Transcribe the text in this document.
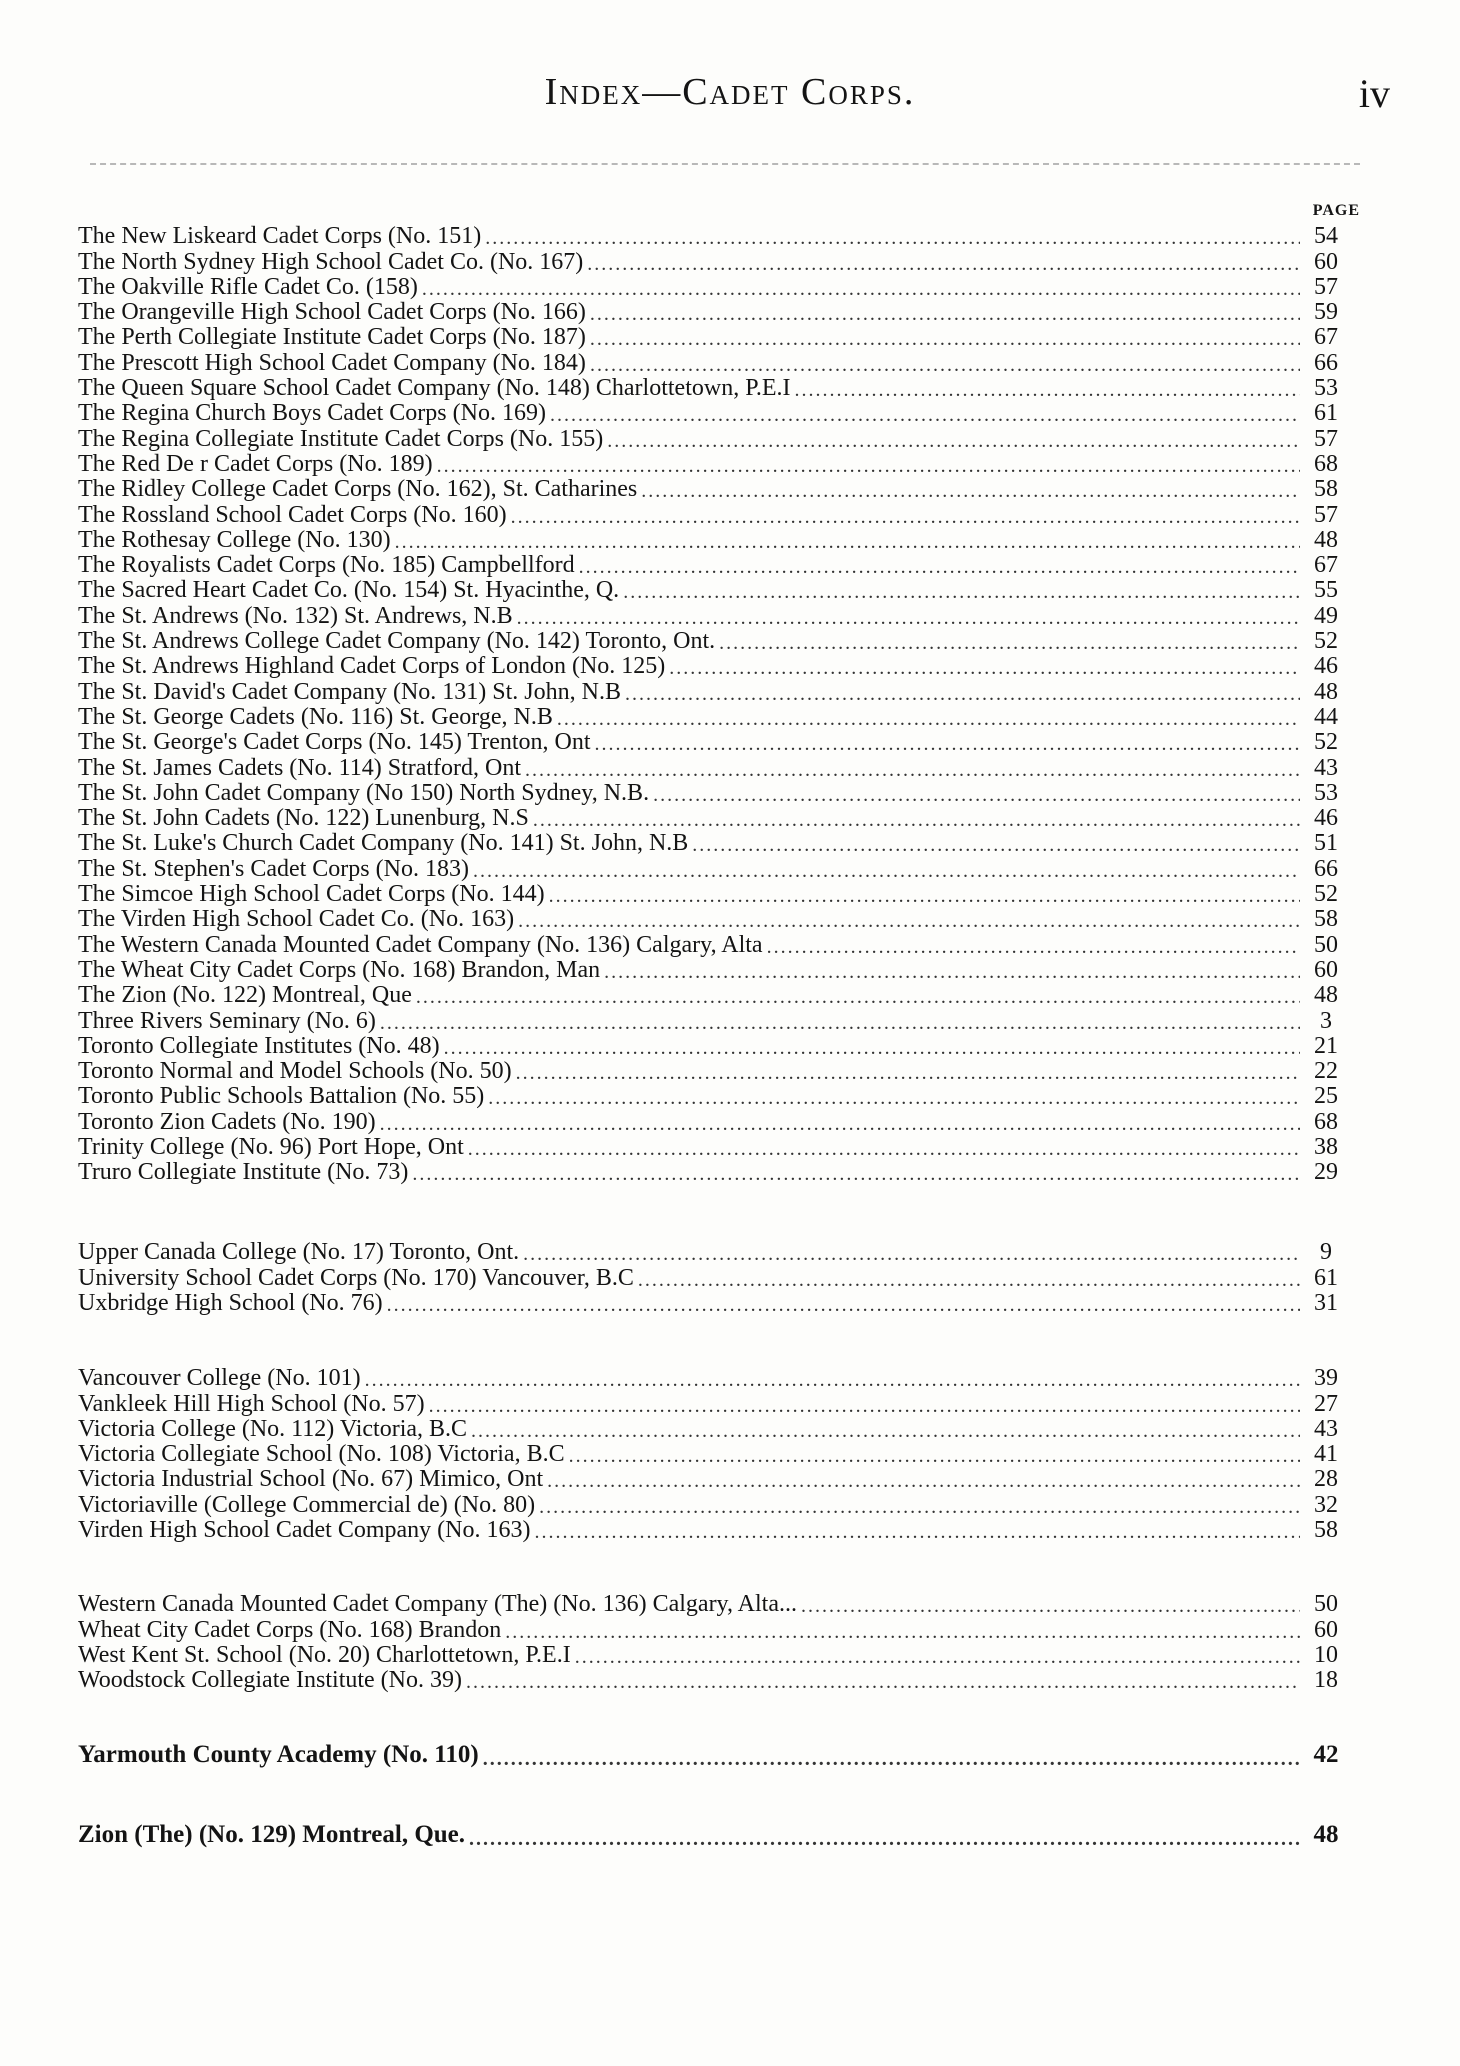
Index—Cadet Corps.	iv
PAGE
The New Liskeard Cadet Corps (No. 151) .....	54
The North Sydney High School Cadet Co. (No. 167) .....	60
The Oakville Rifle Cadet Co. (158) .....	57
The Orangeville High School Cadet Corps (No. 166) .....	59
The Perth Collegiate Institute Cadet Corps (No. 187) .....	67
The Prescott High School Cadet Company (No. 184) .....	66
The Queen Square School Cadet Company (No. 148) Charlottetown, P.E.I .....	53
The Regina Church Boys Cadet Corps (No. 169) .....	61
The Regina Collegiate Institute Cadet Corps (No. 155) .....	57
The Red De r Cadet Corps (No. 189) .....	68
The Ridley College Cadet Corps (No. 162), St. Catharines .....	58
The Rossland School Cadet Corps (No. 160) .....	57
The Rothesay College (No. 130) .....	48
The Royalists Cadet Corps (No. 185) Campbellford .....	67
The Sacred Heart Cadet Co. (No. 154) St. Hyacinthe, Q. .....	55
The St. Andrews (No. 132) St. Andrews, N.B .....	49
The St. Andrews College Cadet Company (No. 142) Toronto, Ont. .....	52
The St. Andrews Highland Cadet Corps of London (No. 125) .....	46
The St. David's Cadet Company (No. 131) St. John, N.B .....	48
The St. George Cadets (No. 116) St. George, N.B .....	44
The St. George's Cadet Corps (No. 145) Trenton, Ont .....	52
The St. James Cadets (No. 114) Stratford, Ont .....	43
The St. John Cadet Company (No 150) North Sydney, N.B. .....	53
The St. John Cadets (No. 122) Lunenburg, N.S .....	46
The St. Luke's Church Cadet Company (No. 141) St. John, N.B .....	51
The St. Stephen's Cadet Corps (No. 183) .....	66
The Simcoe High School Cadet Corps (No. 144) .....	52
The Virden High School Cadet Co. (No. 163) .....	58
The Western Canada Mounted Cadet Company (No. 136) Calgary, Alta .....	50
The Wheat City Cadet Corps (No. 168) Brandon, Man .....	60
The Zion (No. 122) Montreal, Que .....	48
Three Rivers Seminary (No. 6) .....	3
Toronto Collegiate Institutes (No. 48) .....	21
Toronto Normal and Model Schools (No. 50) .....	22
Toronto Public Schools Battalion (No. 55) .....	25
Toronto Zion Cadets (No. 190) .....	68
Trinity College (No. 96) Port Hope, Ont .....	38
Truro Collegiate Institute (No. 73) .....	29
Upper Canada College (No. 17) Toronto, Ont. .....	9
University School Cadet Corps (No. 170) Vancouver, B.C .....	61
Uxbridge High School (No. 76) .....	31
Vancouver College (No. 101) .....	39
Vankleek Hill High School (No. 57) .....	27
Victoria College (No. 112) Victoria, B.C .....	43
Victoria Collegiate School (No. 108) Victoria, B.C .....	41
Victoria Industrial School (No. 67) Mimico, Ont .....	28
Victoriaville (College Commercial de) (No. 80) .....	32
Virden High School Cadet Company (No. 163) .....	58
Western Canada Mounted Cadet Company (The) (No. 136) Calgary, Alta... .....	50
Wheat City Cadet Corps (No. 168) Brandon .....	60
West Kent St. School (No. 20) Charlottetown, P.E.I .....	10
Woodstock Collegiate Institute (No. 39) .....	18
Yarmouth County Academy (No. 110) .....	42
Zion (The) (No. 129) Montreal, Que. .....	48
